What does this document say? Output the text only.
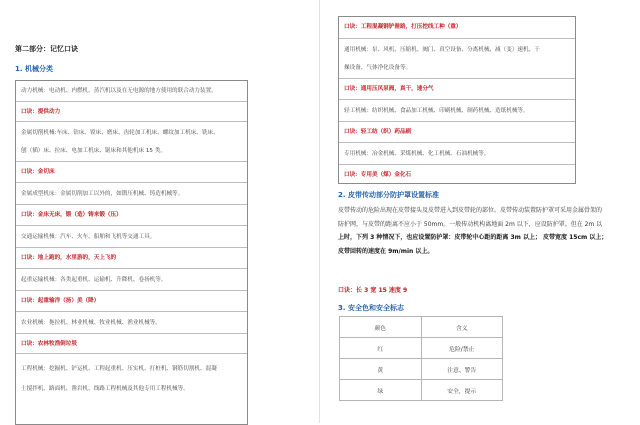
第二部分：记忆口诀
1. 机械分类
动力机械：电动机、内燃机、蒸汽机以及在无电源的地方使用的联合动力装置。
口诀：提供动力
金属切削机械:车床、钻床、镗床、磨床、齿轮加工机床、螺纹加工机床、铣床、
刨（插）床、拉床、电加工机床、锯床和其他机床 15 类。
口诀：金切床
金属成型机床：金属切削加工以外的，如锻压机械、铸造机械等。
口诀：金床无床，锻（造）铸来锻（压）
交通运输机械：汽车、火车、船舶和飞机等交通工具。
口诀：地上跑的，水里游的，天上飞的
起重运输机械：各类起重机、运输机、升降机、卷扬机等。
口诀：起重输洋（扬）美（降）
农业机械：拖拉机、林业机械、牧业机械、渔业机械等。
口诀：农林牧渔倒垃圾
工程机械：挖掘机、铲运机、工程起重机、压实机、打桩机、钢筋切割机、混凝
土搅拌机、路面机、凿岩机、线路工程机械及其他专用工程机械等。
口诀：工程混凝钢铲凿路，打压挖线工种（重）
通用机械：泵、风机、压缩机、阀门、真空设备、分离机械、减（变）速机、干
燥设备、气体净化设备等。
口诀：通用压风泵阀，真干，速分气
轻工机械：纺织机械、食品加工机械、印刷机械、制药机械、造纸机械等。
口诀：轻工纺（织）药品刷
专用机械：冶金机械、采煤机械、化工机械、石油机械等。
口诀：专用美（煤）金化石
2. 皮带传动部分防护罩设置标准
皮带传动的危险出现在皮带接头及皮带进入到皮带轮的部位。皮带传动装置防护罩可采用金属骨架的
防护网，与皮带的距离不应小于 50mm。一般传动机构离地面 2m 以下，应设防护罩。但在 2m 以
上时，下列 3 种情况下，也应设置防护罩：皮带轮中心距的距离 3m 以上； 皮带宽度 15cm 以上；
皮带回转的速度在 9m/min 以上。
口诀：长 3 宽 15 速度 9
3. 安全色和安全标志
颜色	含义
红	危险/禁止
黄	注意、警告
绿	安全，提示
